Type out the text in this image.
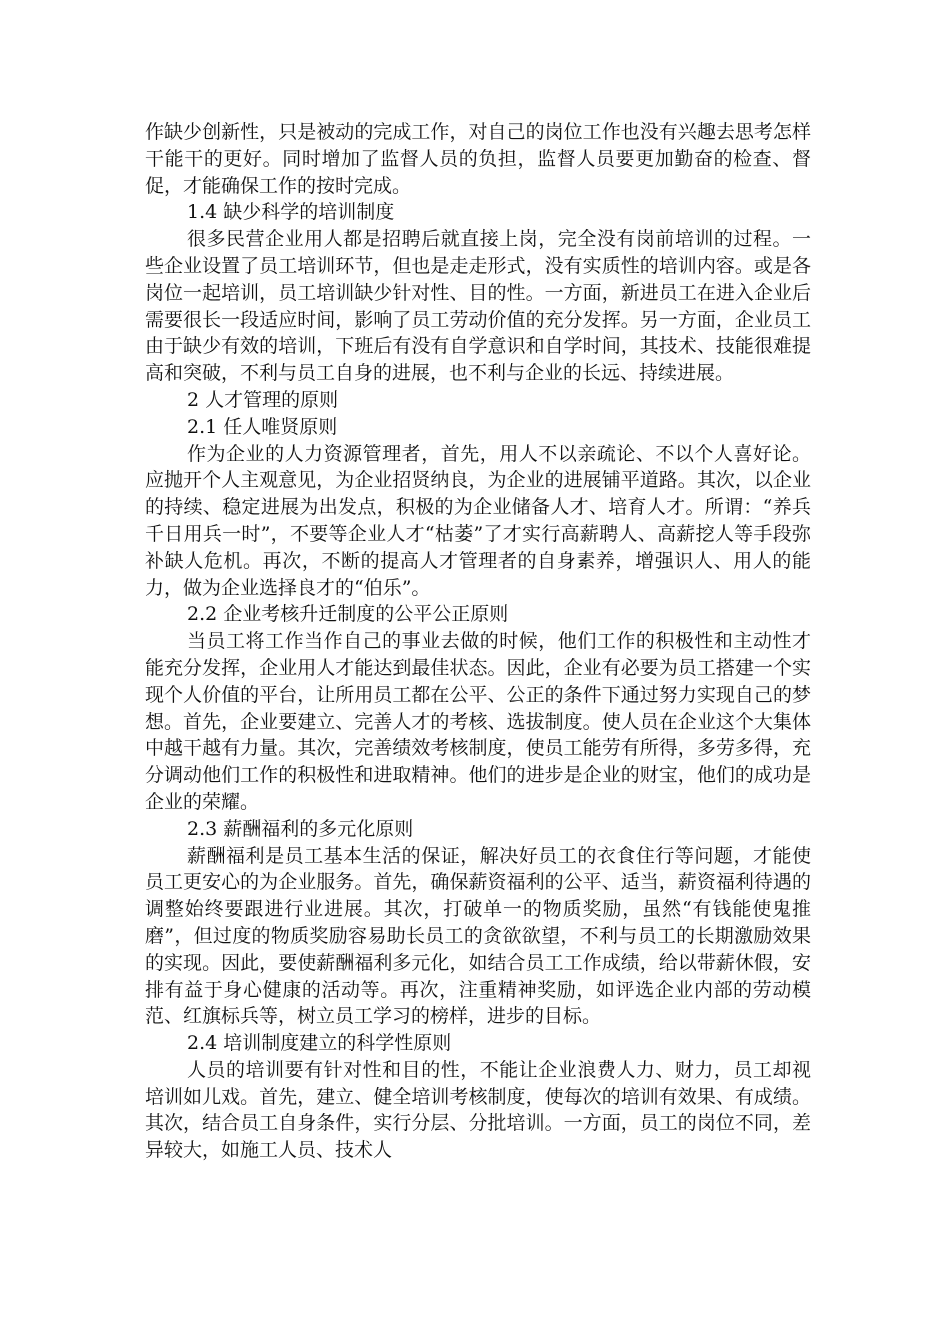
作缺少创新性，只是被动的完成工作，对自己的岗位工作也没有兴趣去思考怎样干能干的更好。同时增加了监督人员的负担，监督人员要更加勤奋的检查、督促，才能确保工作的按时完成。

1.4 缺少科学的培训制度

很多民营企业用人都是招聘后就直接上岗，完全没有岗前培训的过程。一些企业设置了员工培训环节，但也是走走形式，没有实质性的培训内容。或是各岗位一起培训，员工培训缺少针对性、目的性。一方面，新进员工在进入企业后需要很长一段适应时间，影响了员工劳动价值的充分发挥。另一方面，企业员工由于缺少有效的培训，下班后有没有自学意识和自学时间，其技术、技能很难提高和突破，不利与员工自身的进展，也不利与企业的长远、持续进展。

2 人才管理的原则

2.1 任人唯贤原则

作为企业的人力资源管理者，首先，用人不以亲疏论、不以个人喜好论。应抛开个人主观意见，为企业招贤纳良，为企业的进展铺平道路。其次，以企业的持续、稳定进展为出发点，积极的为企业储备人才、培育人才。所谓：“养兵千日用兵一时”，不要等企业人才“枯萎”了才实行高薪聘人、高薪挖人等手段弥补缺人危机。再次，不断的提高人才管理者的自身素养，增强识人、用人的能力，做为企业选择良才的“伯乐”。

2.2 企业考核升迁制度的公平公正原则

当员工将工作当作自己的事业去做的时候，他们工作的积极性和主动性才能充分发挥，企业用人才能达到最佳状态。因此，企业有必要为员工搭建一个实现个人价值的平台，让所用员工都在公平、公正的条件下通过努力实现自己的梦想。首先，企业要建立、完善人才的考核、选拔制度。使人员在企业这个大集体中越干越有力量。其次，完善绩效考核制度，使员工能劳有所得，多劳多得，充分调动他们工作的积极性和进取精神。他们的进步是企业的财宝，他们的成功是企业的荣耀。

2.3 薪酬福利的多元化原则

薪酬福利是员工基本生活的保证，解决好员工的衣食住行等问题，才能使员工更安心的为企业服务。首先，确保薪资福利的公平、适当，薪资福利待遇的调整始终要跟进行业进展。其次，打破单一的物质奖励，虽然“有钱能使鬼推磨”，但过度的物质奖励容易助长员工的贪欲欲望，不利与员工的长期激励效果的实现。因此，要使薪酬福利多元化，如结合员工工作成绩，给以带薪休假，安排有益于身心健康的活动等。再次，注重精神奖励，如评选企业内部的劳动模范、红旗标兵等，树立员工学习的榜样，进步的目标。

2.4 培训制度建立的科学性原则

人员的培训要有针对性和目的性，不能让企业浪费人力、财力，员工却视培训如儿戏。首先，建立、健全培训考核制度，使每次的培训有效果、有成绩。其次，结合员工自身条件，实行分层、分批培训。一方面，员工的岗位不同，差异较大，如施工人员、技术人
